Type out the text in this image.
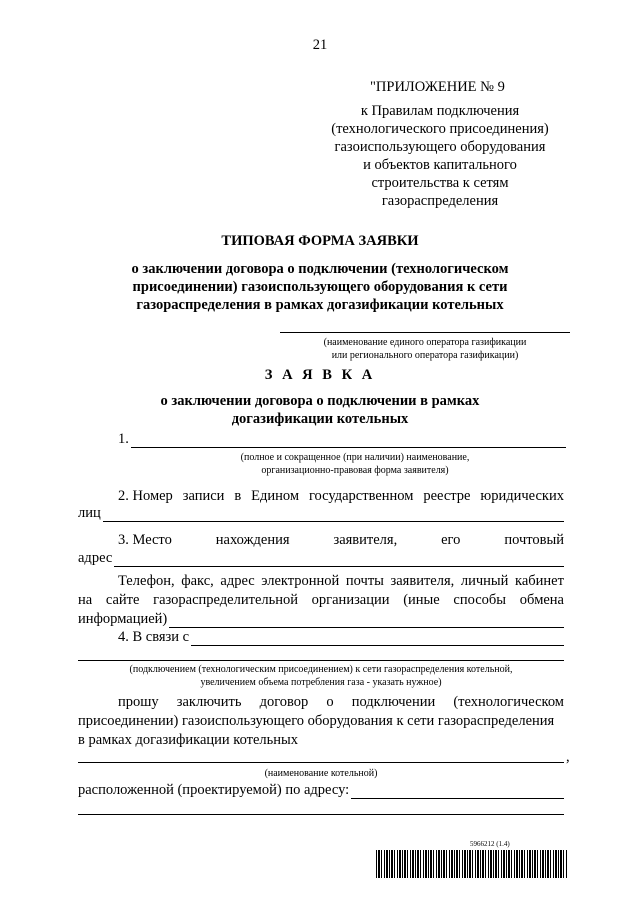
21
"ПРИЛОЖЕНИЕ № 9
к Правилам подключения
(технологического присоединения)
газоиспользующего оборудования
и объектов капитального
строительства к сетям
газораспределения
ТИПОВАЯ ФОРМА ЗАЯВКИ
о заключении договора о подключении (технологическом
присоединении) газоиспользующего оборудования к сети
газораспределения в рамках догазификации котельных
(наименование единого оператора газификации
или регионального оператора газификации)
З А Я В К А
о заключении договора о подключении в рамках
догазификации котельных
1.
(полное и сокращенное (при наличии) наименование,
организационно-правовая форма заявителя)
2. Номер записи в Едином государственном реестре юридических
лиц
3. Место	нахождения	заявителя,	его	почтовый
адрес
Телефон, факс, адрес электронной почты заявителя, личный кабинет
на сайте газораспределительной организации (иные способы обмена
информацией)
4. В связи с
(подключением (технологическим присоединением) к сети газораспределения котельной,
увеличением объема потребления газа - указать нужное)
прошу заключить договор о подключении (технологическом
присоединении) газоиспользующего оборудования к сети газораспределения
в рамках догазификации котельных
,
(наименование котельной)
расположенной (проектируемой) по адресу:
5966212 (1.4)
